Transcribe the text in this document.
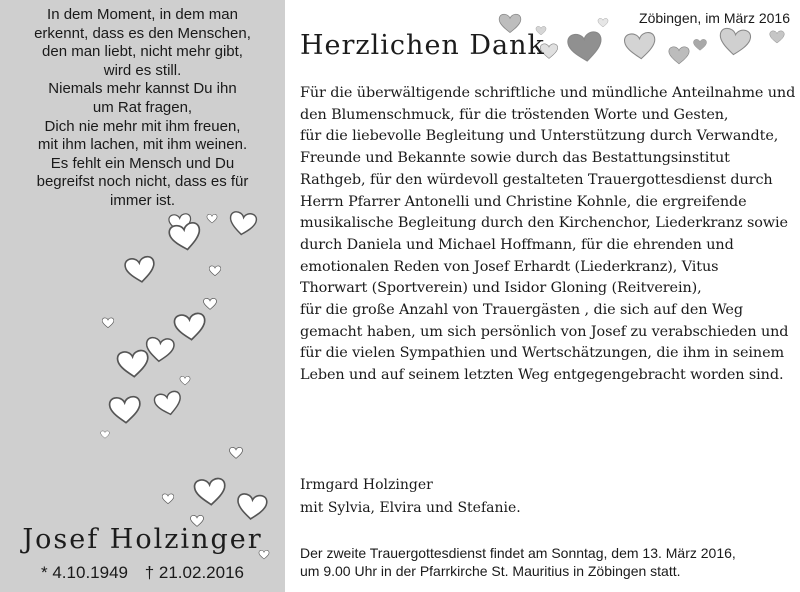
In dem Moment, in dem man
erkennt, dass es den Menschen,
den man liebt, nicht mehr gibt,
wird es still.
Niemals mehr kannst Du ihn
um Rat fragen,
Dich nie mehr mit ihm freuen,
mit ihm lachen, mit ihm weinen.
Es fehlt ein Mensch und Du
begreifst noch nicht, dass es für
immer ist.
Josef Holzinger
* 4.10.1949 † 21.02.2016
Zöbingen, im März 2016
Herzlichen Dank
Für die überwältigende schriftliche und mündliche Anteilnahme und
den Blumenschmuck, für die tröstenden Worte und Gesten,
für die liebevolle Begleitung und Unterstützung durch Verwandte,
Freunde und Bekannte sowie durch das Bestattungsinstitut
Rathgeb, für den würdevoll gestalteten Trauergottesdienst durch
Herrn Pfarrer Antonelli und Christine Kohnle, die ergreifende
musikalische Begleitung durch den Kirchenchor, Liederkranz sowie
durch Daniela und Michael Hoffmann, für die ehrenden und
emotionalen Reden von Josef Erhardt (Liederkranz), Vitus
Thorwart (Sportverein) und Isidor Gloning (Reitverein),
für die große Anzahl von Trauergästen , die sich auf den Weg
gemacht haben, um sich persönlich von Josef zu verabschieden und
für die vielen Sympathien und Wertschätzungen, die ihm in seinem
Leben und auf seinem letzten Weg entgegengebracht worden sind.
Irmgard Holzinger
mit Sylvia, Elvira und Stefanie.
Der zweite Trauergottesdienst findet am Sonntag, dem 13. März 2016,
um 9.00 Uhr in der Pfarrkirche St. Mauritius in Zöbingen statt.
